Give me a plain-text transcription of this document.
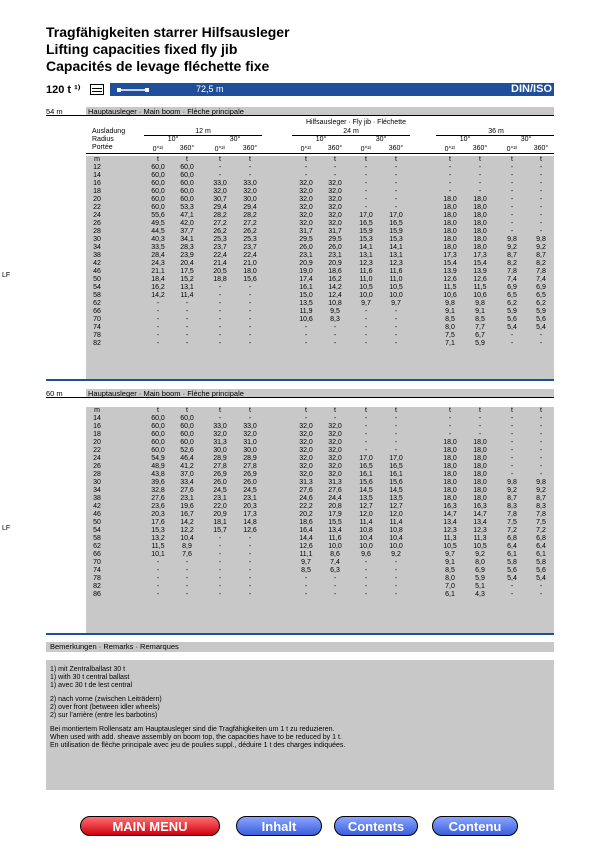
Tragfähigkeiten starrer Hilfsausleger
Lifting capacities fixed fly jib
Capacités de levage fléchette fixe
120 t ¹⁾	72,5 m	DIN/ISO
54 m	Hauptausleger · Main boom · Flèche principale
Hilfsausleger · Fly jib · Fléchette
Ausladung
Radius
Portée
12 m	24 m	36 m
10°	30°	10°	30°	10°	30°
0°²⁾	360°	0°²⁾	360°	0°²⁾	360°	0°²⁾	360°	0°²⁾	360°	0°²⁾	360°
m	t	t	t	t	t	t	t	t	t	t	t	t
12	60,0	60,0	-	-	-	-	-	-	-	-	-	-
14	60,0	60,0	-	-	-	-	-	-	-	-	-	-
16	60,0	60,0	33,0	33,0	32,0	32,0	-	-	-	-	-	-
18	60,0	60,0	32,0	32,0	32,0	32,0	-	-	-	-	-	-
20	60,0	60,0	30,7	30,0	32,0	32,0	-	-	18,0	18,0	-	-
22	60,0	53,3	29,4	29,4	32,0	32,0	-	-	18,0	18,0	-	-
24	55,6	47,1	28,2	28,2	32,0	32,0	17,0	17,0	18,0	18,0	-	-
26	49,5	42,0	27,2	27,2	32,0	32,0	16,5	16,5	18,0	18,0	-	-
28	44,5	37,7	26,2	26,2	31,7	31,7	15,9	15,9	18,0	18,0	-	-
30	40,3	34,1	25,3	25,3	29,5	29,5	15,3	15,3	18,0	18,0	9,8	9,8
34	33,5	28,3	23,7	23,7	26,0	26,0	14,1	14,1	18,0	18,0	9,2	9,2
38	28,4	23,9	22,4	22,4	23,1	23,1	13,1	13,1	17,3	17,3	8,7	8,7
42	24,3	20,4	21,4	21,0	20,9	20,9	12,3	12,3	15,4	15,4	8,2	8,2
46	21,1	17,5	20,5	18,0	19,0	18,6	11,6	11,6	13,9	13,9	7,8	7,8
50	18,4	15,2	18,8	15,6	17,4	16,2	11,0	11,0	12,6	12,6	7,4	7,4
54	16,2	13,1	-	-	16,1	14,2	10,5	10,5	11,5	11,5	6,9	6,9
58	14,2	11,4	-	-	15,0	12,4	10,0	10,0	10,6	10,6	6,5	6,5
62	-	-	-	-	13,5	10,8	9,7	9,7	9,8	9,8	6,2	6,2
66	-	-	-	-	11,9	9,5	-	-	9,1	9,1	5,9	5,9
70	-	-	-	-	10,6	8,3	-	-	8,5	8,5	5,6	5,6
74	-	-	-	-	-	-	-	-	8,0	7,7	5,4	5,4
78	-	-	-	-	-	-	-	-	7,5	6,7	-	-
82	-	-	-	-	-	-	-	-	7,1	5,9	-	-
LF
60 m	Hauptausleger · Main boom · Flèche principale
m	t	t	t	t	t	t	t	t	t	t	t	t
14	60,0	60,0	-	-	-	-	-	-	-	-	-	-
16	60,0	60,0	33,0	33,0	32,0	32,0	-	-	-	-	-	-
18	60,0	60,0	32,0	32,0	32,0	32,0	-	-	-	-	-	-
20	60,0	60,0	31,3	31,0	32,0	32,0	-	-	18,0	18,0	-	-
22	60,0	52,6	30,0	30,0	32,0	32,0	-	-	18,0	18,0	-	-
24	54,9	46,4	28,9	28,9	32,0	32,0	17,0	17,0	18,0	18,0	-	-
26	48,9	41,2	27,8	27,8	32,0	32,0	16,5	16,5	18,0	18,0	-	-
28	43,8	37,0	26,9	26,9	32,0	32,0	16,1	16,1	18,0	18,0	-	-
30	39,6	33,4	26,0	26,0	31,3	31,3	15,6	15,6	18,0	18,0	9,8	9,8
34	32,8	27,6	24,5	24,5	27,6	27,6	14,5	14,5	18,0	18,0	9,2	9,2
38	27,6	23,1	23,1	23,1	24,6	24,4	13,5	13,5	18,0	18,0	8,7	8,7
42	23,6	19,6	22,0	20,3	22,2	20,8	12,7	12,7	16,3	16,3	8,3	8,3
46	20,3	16,7	20,9	17,3	20,2	17,9	12,0	12,0	14,7	14,7	7,8	7,8
50	17,6	14,2	18,1	14,8	18,6	15,5	11,4	11,4	13,4	13,4	7,5	7,5
54	15,3	12,2	15,7	12,6	16,4	13,4	10,8	10,8	12,3	12,3	7,2	7,2
58	13,2	10,4	-	-	14,4	11,6	10,4	10,4	11,3	11,3	6,8	6,8
62	11,5	8,9	-	-	12,6	10,0	10,0	10,0	10,5	10,5	6,4	6,4
66	10,1	7,6	-	-	11,1	8,6	9,6	9,2	9,7	9,2	6,1	6,1
70	-	-	-	-	9,7	7,4	-	-	9,1	8,0	5,8	5,8
74	-	-	-	-	8,5	6,3	-	-	8,5	6,9	5,6	5,6
78	-	-	-	-	-	-	-	-	8,0	5,9	5,4	5,4
82	-	-	-	-	-	-	-	-	7,0	5,1	-	-
86	-	-	-	-	-	-	-	-	6,1	4,3	-	-
LF
Bemerkungen · Remarks · Remarques

1) mit Zentralballast 30 t
1) with 30 t central ballast
1) avec 30 t de lest central

2) nach vorne (zwischen Leiträdern)
2) over front (between idler wheels)
2) sur l'arrière (entre les barbotins)

Bei montiertem Rollensatz am Hauptausleger sind die Tragfähigkeiten um 1 t zu reduzieren.
When used with add. sheave assembly on boom top, the capacities have to be reduced by 1 t.
En utilisation de flèche principale avec jeu de poulies suppl., déduire 1 t des charges indiquées.

MAIN MENU	Inhalt	Contents	Contenu
